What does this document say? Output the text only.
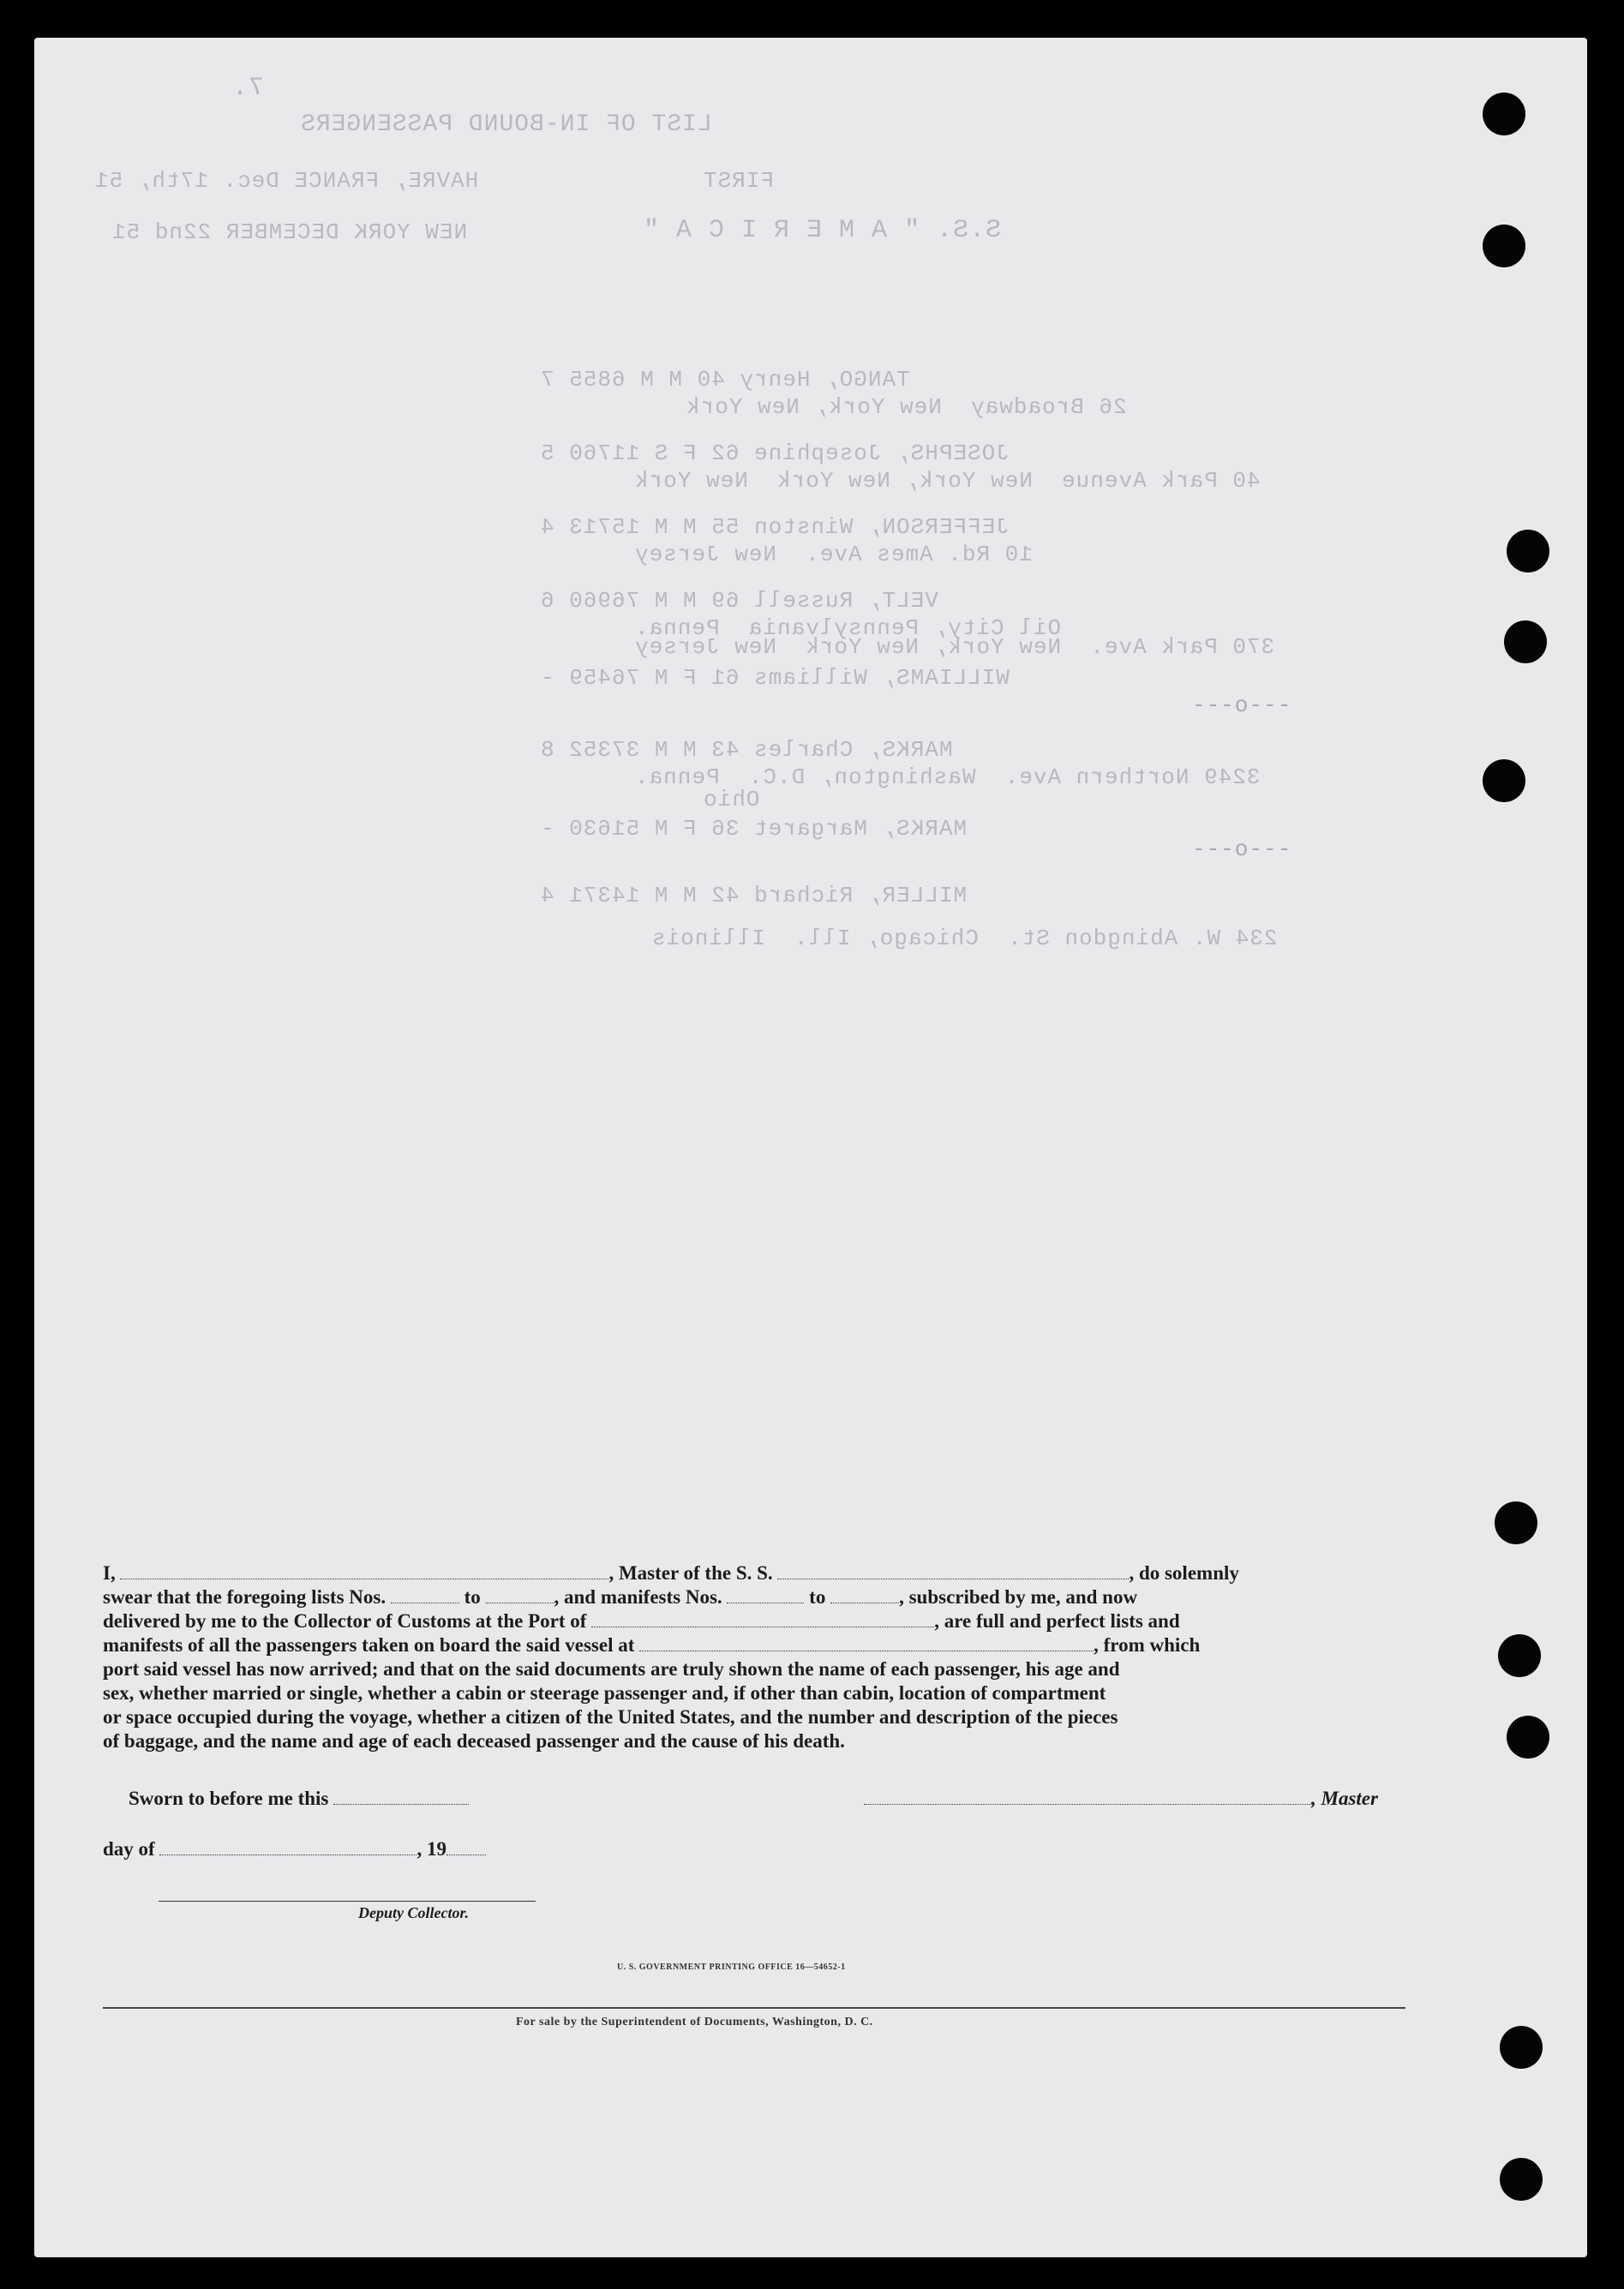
7.
LIST OF IN-BOUND PASSENGERS
FIRST
HAVRE, FRANCE Dec. 17th, 51
S.S. " A M E R I C A "
NEW YORK DECEMBER 22nd 51
TANGO, Henry 40 M M 6855 7
26 Broadway  New York, New York
JOSEPHS, Josephine 62 F S 11760 5
40 Park Avenue  New York, New York  New York
JEFFERSON, Winston 55 M M 15713 4
10 Rd. Ames Ave.  New Jersey
VELT, Russell 69 M M 76960 6
Oil City, Pennsylvania  Penna.
WILLIAMS, Williams 61 F M 76459 -
370 Park Ave.  New York, New York  New Jersey
---o---
MARKS, Charles 43 M M 37352 8
3249 Northern Ave.  Washington, D.C.  Penna.
MARKS, Margaret 36 F M 51630 -
Ohio
---o---
MILLER, Richard 42 M M 14371 4
234 W. Abingdon St.  Chicago, Ill.  Illinois
I,	, Master of the S. S.	, do solemnly
swear that the foregoing lists Nos.	to	, and manifests Nos.	to	, subscribed by me, and now
delivered by me to the Collector of Customs at the Port of	, are full and perfect lists and
manifests of all the passengers taken on board the said vessel at	, from which
port said vessel has now arrived; and that on the said documents are truly shown the name of each passenger, his age and
sex, whether married or single, whether a cabin or steerage passenger and, if other than cabin, location of compartment
or space occupied during the voyage, whether a citizen of the United States, and the number and description of the pieces
of baggage, and the name and age of each deceased passenger and the cause of his death.
Sworn to before me this	, Master
day of	, 19
Deputy Collector.
U. S. GOVERNMENT PRINTING OFFICE 16—54652-1
For sale by the Superintendent of Documents, Washington, D. C.
